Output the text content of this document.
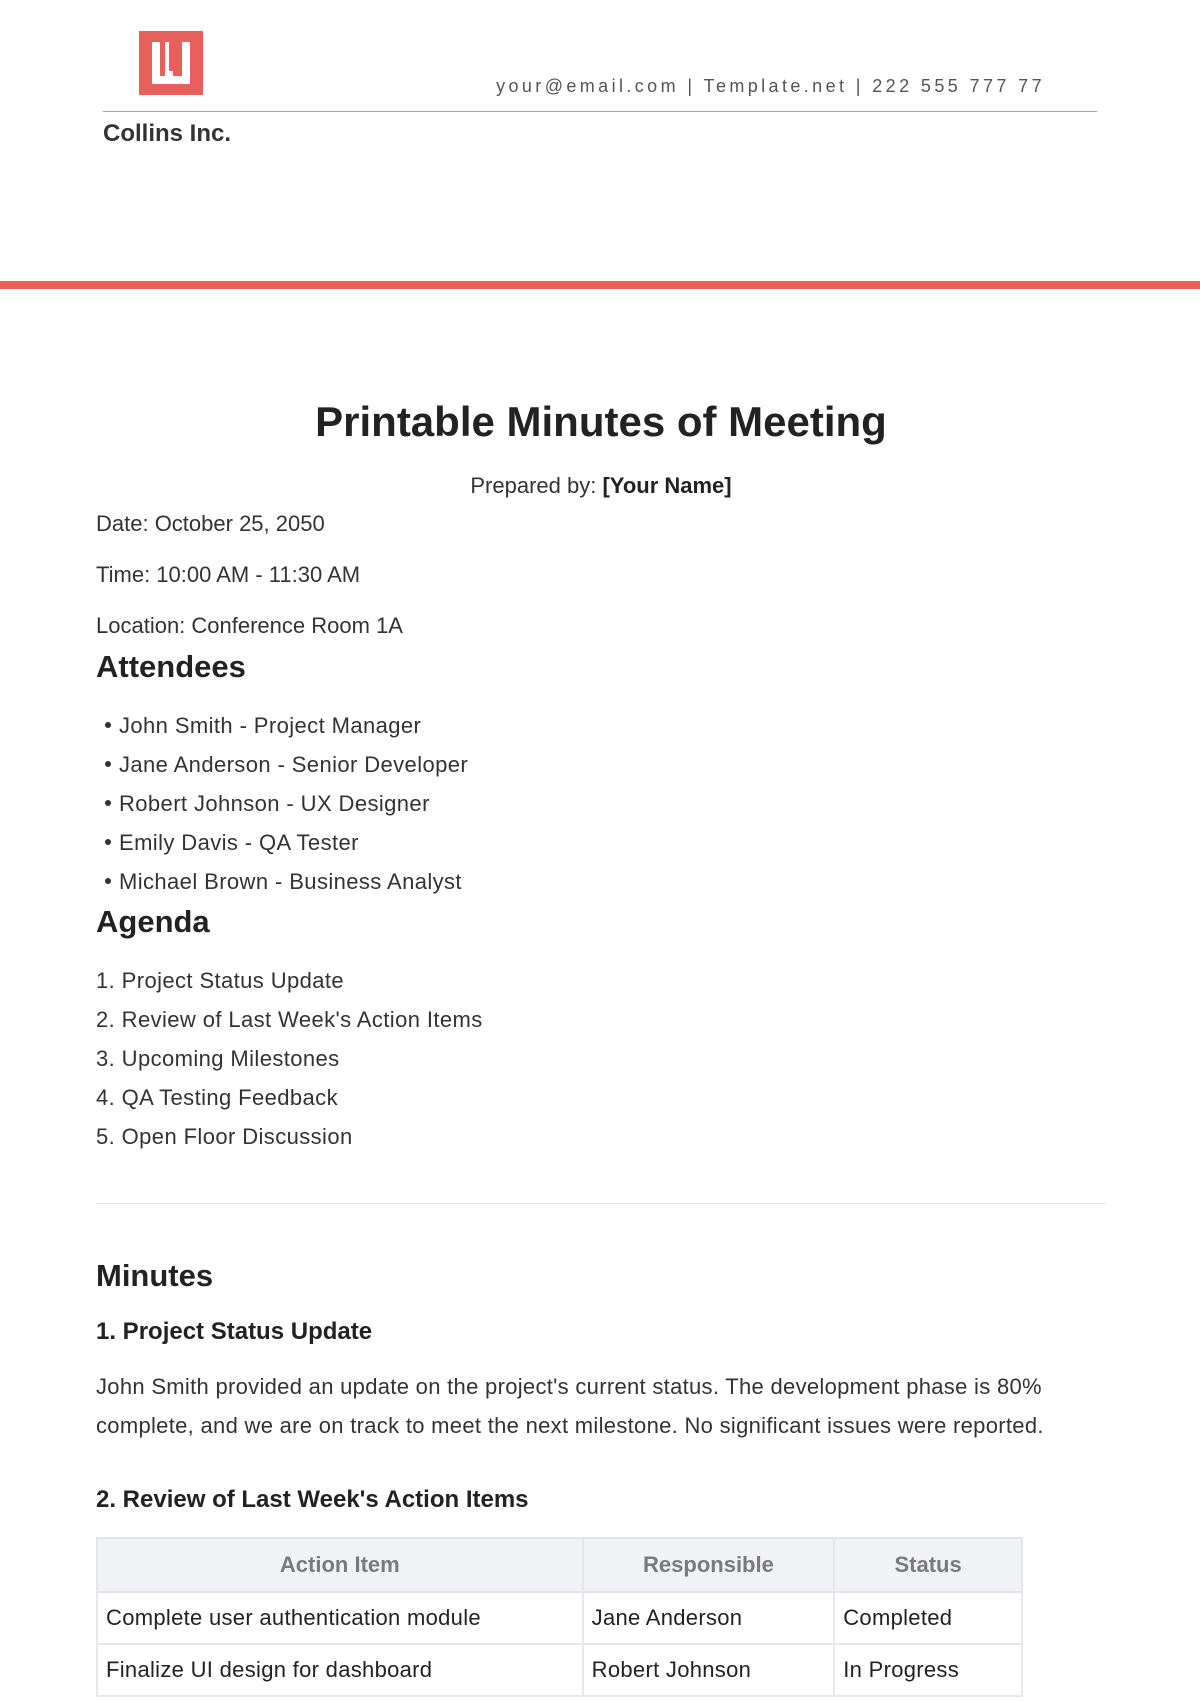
your@email.com | Template.net | 222 555 777 77
Collins Inc.
Printable Minutes of Meeting
Prepared by: [Your Name]
Date: October 25, 2050
Time: 10:00 AM - 11:30 AM
Location: Conference Room 1A
Attendees
John Smith - Project Manager
Jane Anderson - Senior Developer
Robert Johnson - UX Designer
Emily Davis - QA Tester
Michael Brown - Business Analyst
Agenda
1. Project Status Update
2. Review of Last Week's Action Items
3. Upcoming Milestones
4. QA Testing Feedback
5. Open Floor Discussion
Minutes
1. Project Status Update

John Smith provided an update on the project's current status. The development phase is 80% complete, and we are on track to meet the next milestone. No significant issues were reported.

2. Review of Last Week's Action Items
Action Item	Responsible	Status
Complete user authentication module	Jane Anderson	Completed
Finalize UI design for dashboard	Robert Johnson	In Progress
